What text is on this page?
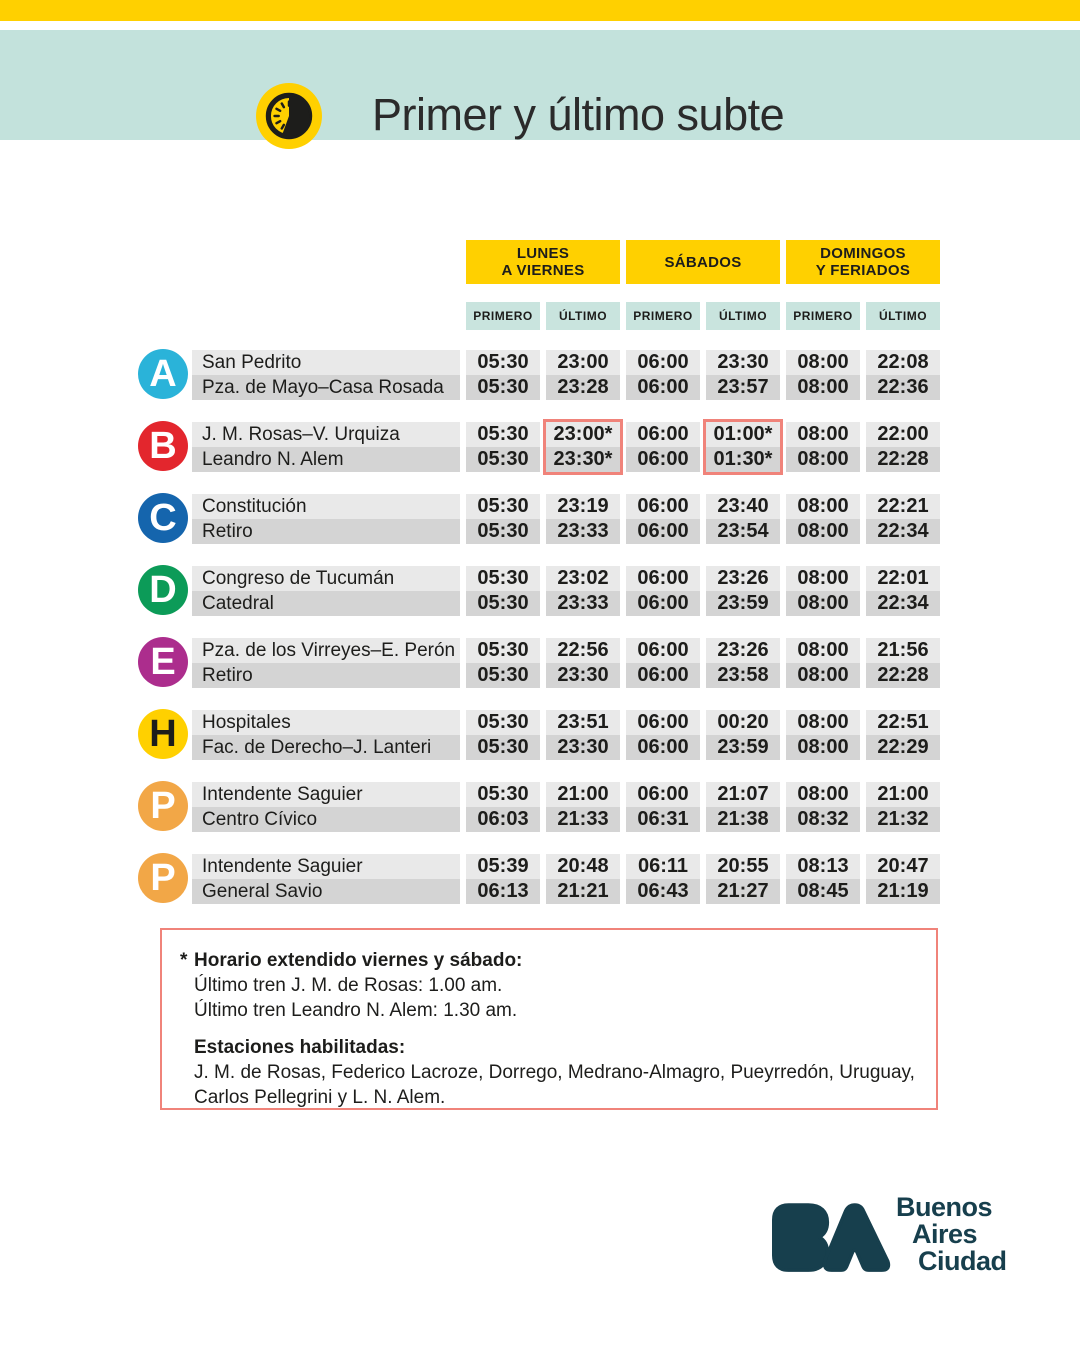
Primer y último subte
LUNES
A VIERNES	SÁBADOS	DOMINGOS
Y FERIADOS
PRIMERO	ÚLTIMO	PRIMERO	ÚLTIMO	PRIMERO	ÚLTIMO
San Pedrito	05:30	23:00	06:00	23:30	08:00	22:08
Pza. de Mayo–Casa Rosada	05:30	23:28	06:00	23:57	08:00	22:36
A
J. M. Rosas–V. Urquiza	05:30	23:00*	06:00	01:00*	08:00	22:00
Leandro N. Alem	05:30	23:30*	06:00	01:30*	08:00	22:28
B
Constitución	05:30	23:19	06:00	23:40	08:00	22:21
Retiro	05:30	23:33	06:00	23:54	08:00	22:34
C
Congreso de Tucumán	05:30	23:02	06:00	23:26	08:00	22:01
Catedral	05:30	23:33	06:00	23:59	08:00	22:34
D
Pza. de los Virreyes–E. Perón	05:30	22:56	06:00	23:26	08:00	21:56
Retiro	05:30	23:30	06:00	23:58	08:00	22:28
E
Hospitales	05:30	23:51	06:00	00:20	08:00	22:51
Fac. de Derecho–J. Lanteri	05:30	23:30	06:00	23:59	08:00	22:29
H
Intendente Saguier	05:30	21:00	06:00	21:07	08:00	21:00
Centro Cívico	06:03	21:33	06:31	21:38	08:32	21:32
P
Intendente Saguier	05:39	20:48	06:11	20:55	08:13	20:47
General Savio	06:13	21:21	06:43	21:27	08:45	21:19
P
* Horario extendido viernes y sábado:
Último tren J. M. de Rosas: 1.00 am.
Último tren Leandro N. Alem: 1.30 am.
Estaciones habilitadas:
J. M. de Rosas, Federico Lacroze, Dorrego, Medrano-Almagro, Pueyrredón, Uruguay,
Carlos Pellegrini y L. N. Alem.
Buenos
Aires
Ciudad
